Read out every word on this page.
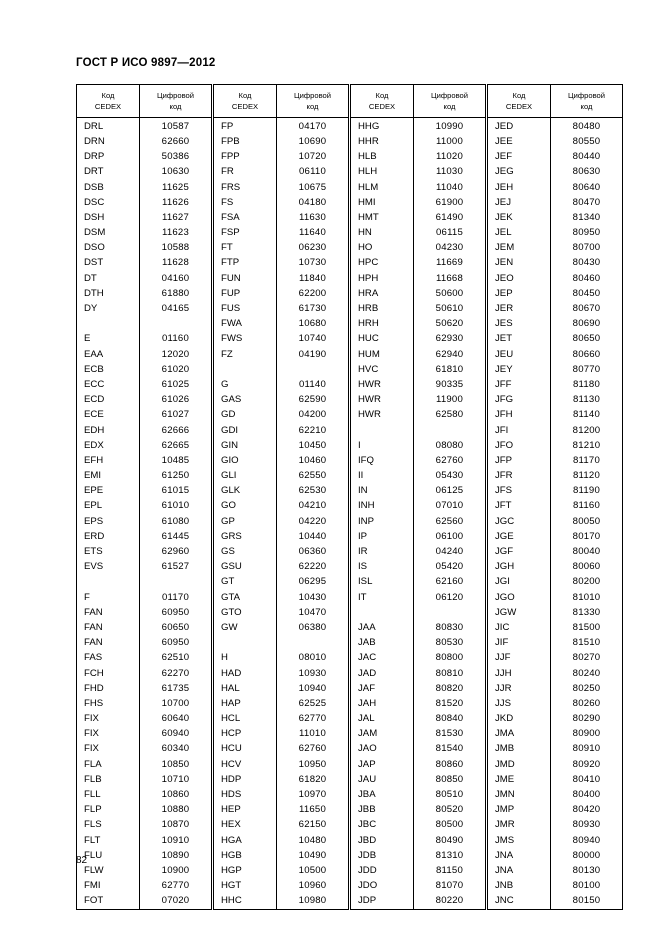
ГОСТ Р ИСО 9897—2012
Код
CEDEX	Цифровой
код

DRL	10587
DRN	62660
DRP	50386
DRT	10630
DSB	11625
DSC	11626
DSH	11627
DSM	11623
DSO	10588
DST	11628
DT	04160
DTH	61880
DY	04165

E	01160
EAA	12020
ECB	61020
ECC	61025
ECD	61026
ECE	61027
EDH	62666
EDX	62665
EFH	10485
EMI	61250
EPE	61015
EPL	61010
EPS	61080
ERD	61445
ETS	62960
EVS	61527

F	01170
FAN	60950
FAN	60650
FAN	60950
FAS	62510
FCH	62270
FHD	61735
FHS	10700
FIX	60640
FIX	60940
FIX	60340
FLA	10850
FLB	10710
FLL	10860
FLP	10880
FLS	10870
FLT	10910
FLU	10890
FLW	10900
FMI	62770
FOT	07020
Код
CEDEX	Цифровой
код

FP	04170
FPB	10690
FPP	10720
FR	06110
FRS	10675
FS	04180
FSA	11630
FSP	11640
FT	06230
FTP	10730
FUN	11840
FUP	62200
FUS	61730
FWA	10680
FWS	10740
FZ	04190

G	01140
GAS	62590
GD	04200
GDI	62210
GIN	10450
GIO	10460
GLI	62550
GLK	62530
GO	04210
GP	04220
GRS	10440
GS	06360
GSU	62220
GT	06295
GTA	10430
GTO	10470
GW	06380

H	08010
HAD	10930
HAL	10940
HAP	62525
HCL	62770
HCP	11010
HCU	62760
HCV	10950
HDP	61820
HDS	10970
HEP	11650
HEX	62150
HGA	10480
HGB	10490
HGP	10500
HGT	10960
HHC	10980
Код
CEDEX	Цифровой
код

HHG	10990
HHR	11000
HLB	11020
HLH	11030
HLM	11040
HMI	61900
HMT	61490
HN	06115
HO	04230
HPC	11669
HPH	11668
HRA	50600
HRB	50610
HRH	50620
HUC	62930
HUM	62940
HVC	61810
HWR	90335
HWR	11900
HWR	62580

I	08080
IFQ	62760
II	05430
IN	06125
INH	07010
INP	62560
IP	06100
IR	04240
IS	05420
ISL	62160
IT	06120

JAA	80830
JAB	80530
JAC	80800
JAD	80810
JAF	80820
JAH	81520
JAL	80840
JAM	81530
JAO	81540
JAP	80860
JAU	80850
JBA	80510
JBB	80520
JBC	80500
JBD	80490
JDB	81310
JDD	81150
JDO	81070
JDP	80220
Код
CEDEX	Цифровой
код

JED	80480
JEE	80550
JEF	80440
JEG	80630
JEH	80640
JEJ	80470
JEK	81340
JEL	80950
JEM	80700
JEN	80430
JEO	80460
JEP	80450
JER	80670
JES	80690
JET	80650
JEU	80660
JEY	80770
JFF	81180
JFG	81130
JFH	81140
JFI	81200
JFO	81210
JFP	81170
JFR	81120
JFS	81190
JFT	81160
JGC	80050
JGE	80170
JGF	80040
JGH	80060
JGI	80200
JGO	81010
JGW	81330
JIC	81500
JIF	81510
JJF	80270
JJH	80240
JJR	80250
JJS	80260
JKD	80290
JMA	80900
JMB	80910
JMD	80920
JME	80410
JMN	80400
JMP	80420
JMR	80930
JMS	80940
JNA	80000
JNA	80130
JNB	80100
JNC	80150
82
